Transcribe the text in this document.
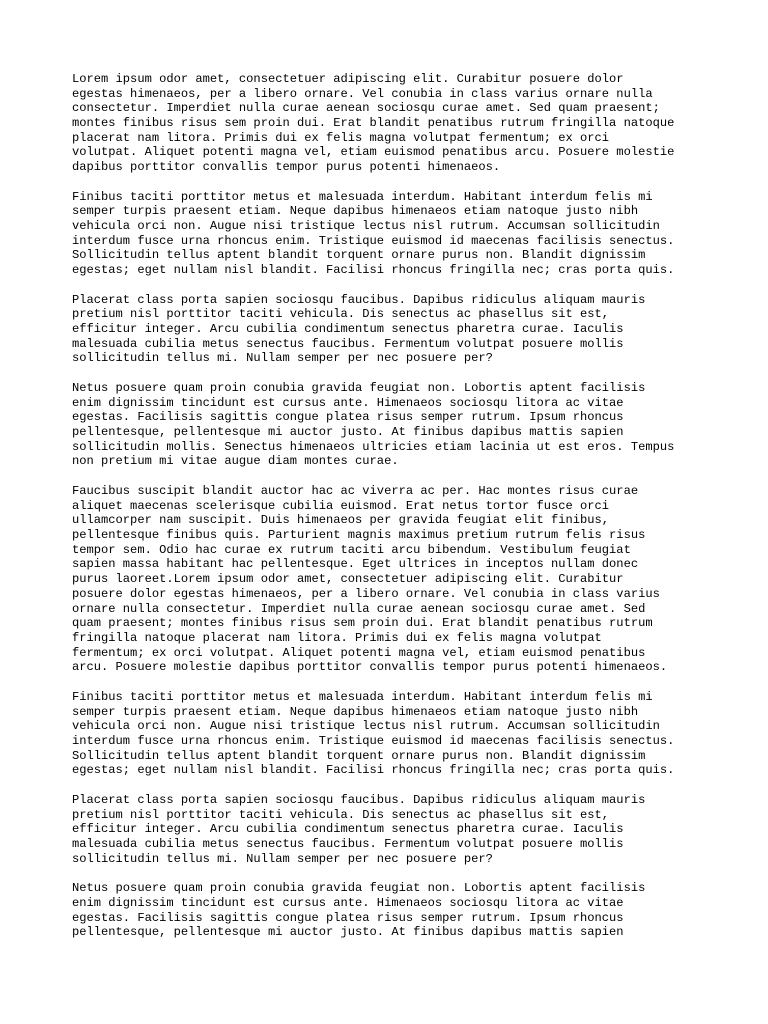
Lorem ipsum odor amet, consectetuer adipiscing elit. Curabitur posuere dolor
egestas himenaeos, per a libero ornare. Vel conubia in class varius ornare nulla
consectetur. Imperdiet nulla curae aenean sociosqu curae amet. Sed quam praesent;
montes finibus risus sem proin dui. Erat blandit penatibus rutrum fringilla natoque
placerat nam litora. Primis dui ex felis magna volutpat fermentum; ex orci
volutpat. Aliquet potenti magna vel, etiam euismod penatibus arcu. Posuere molestie
dapibus porttitor convallis tempor purus potenti himenaeos.

Finibus taciti porttitor metus et malesuada interdum. Habitant interdum felis mi
semper turpis praesent etiam. Neque dapibus himenaeos etiam natoque justo nibh
vehicula orci non. Augue nisi tristique lectus nisl rutrum. Accumsan sollicitudin
interdum fusce urna rhoncus enim. Tristique euismod id maecenas facilisis senectus.
Sollicitudin tellus aptent blandit torquent ornare purus non. Blandit dignissim
egestas; eget nullam nisl blandit. Facilisi rhoncus fringilla nec; cras porta quis.

Placerat class porta sapien sociosqu faucibus. Dapibus ridiculus aliquam mauris
pretium nisl porttitor taciti vehicula. Dis senectus ac phasellus sit est,
efficitur integer. Arcu cubilia condimentum senectus pharetra curae. Iaculis
malesuada cubilia metus senectus faucibus. Fermentum volutpat posuere mollis
sollicitudin tellus mi. Nullam semper per nec posuere per?

Netus posuere quam proin conubia gravida feugiat non. Lobortis aptent facilisis
enim dignissim tincidunt est cursus ante. Himenaeos sociosqu litora ac vitae
egestas. Facilisis sagittis congue platea risus semper rutrum. Ipsum rhoncus
pellentesque, pellentesque mi auctor justo. At finibus dapibus mattis sapien
sollicitudin mollis. Senectus himenaeos ultricies etiam lacinia ut est eros. Tempus
non pretium mi vitae augue diam montes curae.

Faucibus suscipit blandit auctor hac ac viverra ac per. Hac montes risus curae
aliquet maecenas scelerisque cubilia euismod. Erat netus tortor fusce orci
ullamcorper nam suscipit. Duis himenaeos per gravida feugiat elit finibus,
pellentesque finibus quis. Parturient magnis maximus pretium rutrum felis risus
tempor sem. Odio hac curae ex rutrum taciti arcu bibendum. Vestibulum feugiat
sapien massa habitant hac pellentesque. Eget ultrices in inceptos nullam donec
purus laoreet.Lorem ipsum odor amet, consectetuer adipiscing elit. Curabitur
posuere dolor egestas himenaeos, per a libero ornare. Vel conubia in class varius
ornare nulla consectetur. Imperdiet nulla curae aenean sociosqu curae amet. Sed
quam praesent; montes finibus risus sem proin dui. Erat blandit penatibus rutrum
fringilla natoque placerat nam litora. Primis dui ex felis magna volutpat
fermentum; ex orci volutpat. Aliquet potenti magna vel, etiam euismod penatibus
arcu. Posuere molestie dapibus porttitor convallis tempor purus potenti himenaeos.

Finibus taciti porttitor metus et malesuada interdum. Habitant interdum felis mi
semper turpis praesent etiam. Neque dapibus himenaeos etiam natoque justo nibh
vehicula orci non. Augue nisi tristique lectus nisl rutrum. Accumsan sollicitudin
interdum fusce urna rhoncus enim. Tristique euismod id maecenas facilisis senectus.
Sollicitudin tellus aptent blandit torquent ornare purus non. Blandit dignissim
egestas; eget nullam nisl blandit. Facilisi rhoncus fringilla nec; cras porta quis.

Placerat class porta sapien sociosqu faucibus. Dapibus ridiculus aliquam mauris
pretium nisl porttitor taciti vehicula. Dis senectus ac phasellus sit est,
efficitur integer. Arcu cubilia condimentum senectus pharetra curae. Iaculis
malesuada cubilia metus senectus faucibus. Fermentum volutpat posuere mollis
sollicitudin tellus mi. Nullam semper per nec posuere per?

Netus posuere quam proin conubia gravida feugiat non. Lobortis aptent facilisis
enim dignissim tincidunt est cursus ante. Himenaeos sociosqu litora ac vitae
egestas. Facilisis sagittis congue platea risus semper rutrum. Ipsum rhoncus
pellentesque, pellentesque mi auctor justo. At finibus dapibus mattis sapien
